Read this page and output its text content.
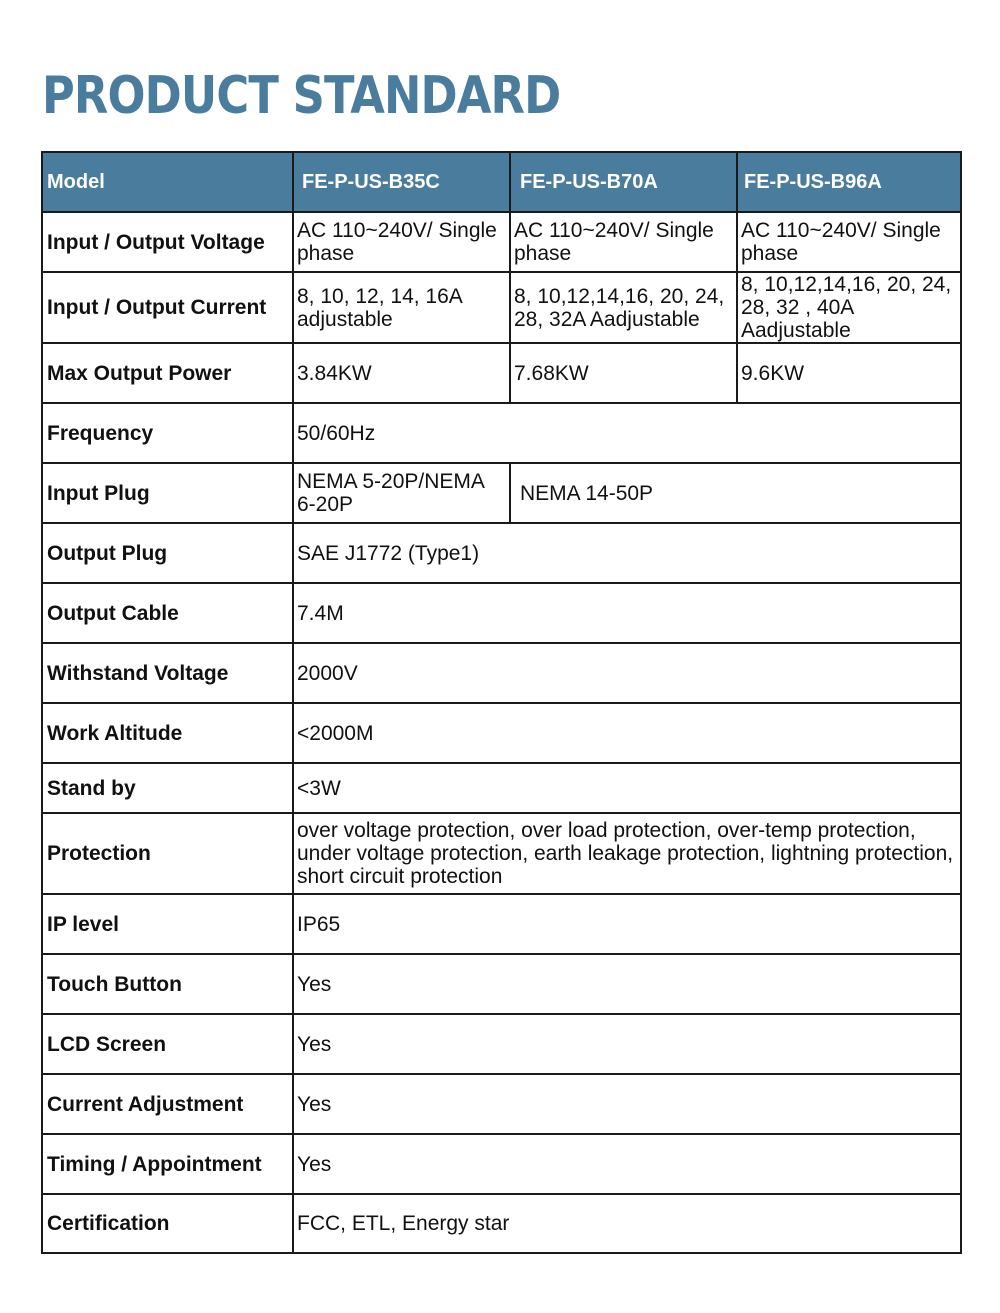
PRODUCT STANDARD
Model	FE-P-US-B35C	FE-P-US-B70A	FE-P-US-B96A
Input / Output Voltage	AC 110~240V/ Single phase	AC 110~240V/ Single phase	AC 110~240V/ Single phase
Input / Output Current	8, 10, 12, 14, 16A adjustable	8, 10,12,14,16, 20, 24, 28, 32A Aadjustable	8, 10,12,14,16, 20, 24, 28, 32 , 40A Aadjustable
Max Output Power	3.84KW	7.68KW	9.6KW
Frequency	50/60Hz		
Input Plug	NEMA 5-20P/NEMA 6-20P	NEMA 14-50P	
Output Plug	SAE J1772 (Type1)		
Output Cable	7.4M		
Withstand Voltage	2000V		
Work Altitude	<2000M		
Stand by	<3W		
Protection	over voltage protection, over load protection, over-temp protection, under voltage protection, earth leakage protection, lightning protection, short circuit protection		
IP level	IP65		
Touch Button	Yes		
LCD Screen	Yes		
Current Adjustment	Yes		
Timing / Appointment	Yes		
Certification	FCC, ETL, Energy star		
